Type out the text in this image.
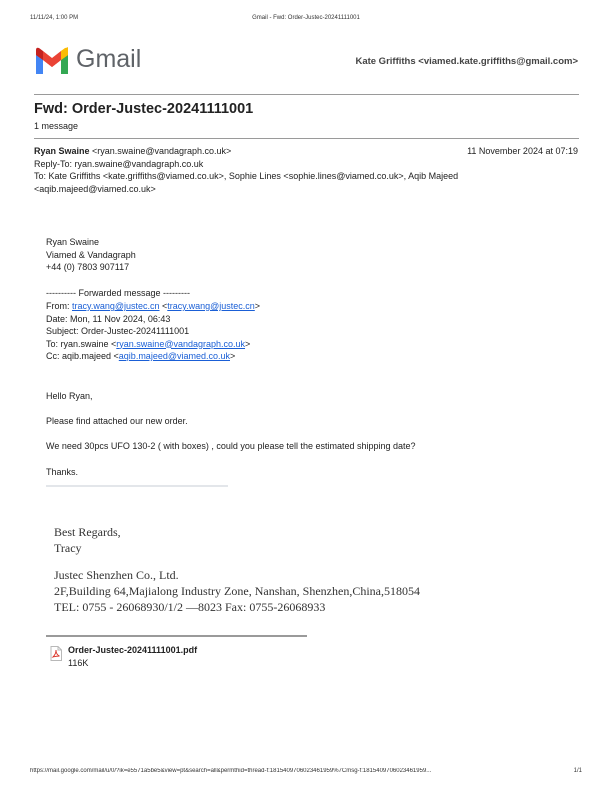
11/11/24, 1:00 PM	Gmail - Fwd: Order-Justec-20241111001
Gmail	Kate Griffiths <viamed.kate.griffiths@gmail.com>
Fwd: Order-Justec-20241111001
1 message
Ryan Swaine <ryan.swaine@vandagraph.co.uk>	11 November 2024 at 07:19
Reply-To: ryan.swaine@vandagraph.co.uk
To: Kate Griffiths <kate.griffiths@viamed.co.uk>, Sophie Lines <sophie.lines@viamed.co.uk>, Aqib Majeed
<aqib.majeed@viamed.co.uk>
Ryan Swaine
Viamed & Vandagraph
+44 (0) 7803 907117
---------- Forwarded message ---------
From: tracy.wang@justec.cn <tracy.wang@justec.cn>
Date: Mon, 11 Nov 2024, 06:43
Subject: Order-Justec-20241111001
To: ryan.swaine <ryan.swaine@vandagraph.co.uk>
Cc: aqib.majeed <aqib.majeed@viamed.co.uk>
Hello Ryan,
Please find attached our new order.
We need 30pcs UFO 130-2 ( with boxes) , could you please tell the estimated shipping date?
Thanks.
Best Regards,
Tracy
Justec Shenzhen Co., Ltd.
2F,Building 64,Majialong Industry Zone, Nanshan, Shenzhen,China,518054
TEL: 0755 - 26068930/1/2 —8023 Fax: 0755-26068933
Order-Justec-20241111001.pdf
116K
https://mail.google.com/mail/u/0/?ik=e5571a5be5&view=pt&search=all&permthid=thread-f:1815409706023461959%7Cmsg-f:1815409706023461959...	1/1
